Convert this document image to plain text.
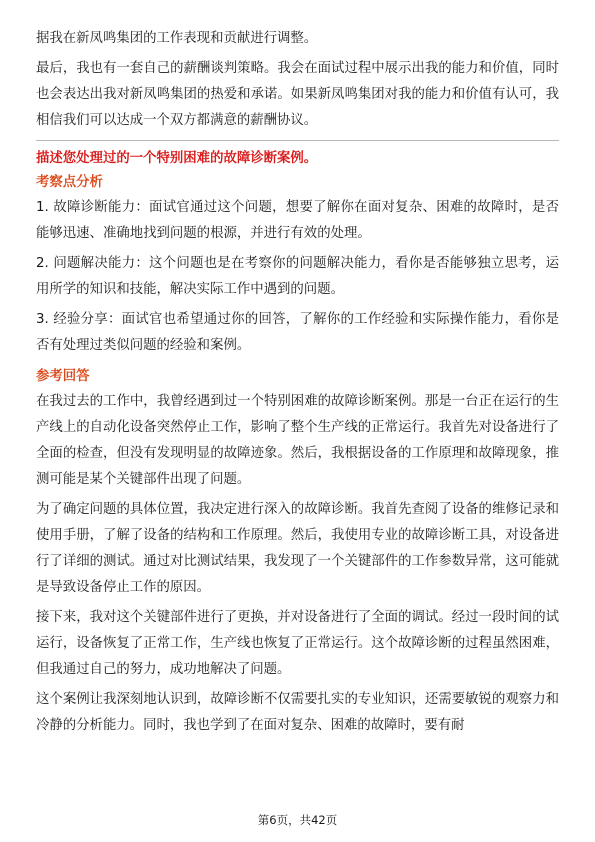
据我在新凤鸣集团的工作表现和贡献进行调整。

最后，我也有一套自己的薪酬谈判策略。我会在面试过程中展示出我的能力和价值，同时也会表达出我对新凤鸣集团的热爱和承诺。如果新凤鸣集团对我的能力和价值有认可，我相信我们可以达成一个双方都满意的薪酬协议。

描述您处理过的一个特别困难的故障诊断案例。

考察点分析

1. 故障诊断能力：面试官通过这个问题，想要了解你在面对复杂、困难的故障时，是否能够迅速、准确地找到问题的根源，并进行有效的处理。

2. 问题解决能力：这个问题也是在考察你的问题解决能力，看你是否能够独立思考，运用所学的知识和技能，解决实际工作中遇到的问题。

3. 经验分享：面试官也希望通过你的回答，了解你的工作经验和实际操作能力，看你是否有处理过类似问题的经验和案例。

参考回答

在我过去的工作中，我曾经遇到过一个特别困难的故障诊断案例。那是一台正在运行的生产线上的自动化设备突然停止工作，影响了整个生产线的正常运行。我首先对设备进行了全面的检查，但没有发现明显的故障迹象。然后，我根据设备的工作原理和故障现象，推测可能是某个关键部件出现了问题。

为了确定问题的具体位置，我决定进行深入的故障诊断。我首先查阅了设备的维修记录和使用手册，了解了设备的结构和工作原理。然后，我使用专业的故障诊断工具，对设备进行了详细的测试。通过对比测试结果，我发现了一个关键部件的工作参数异常，这可能就是导致设备停止工作的原因。

接下来，我对这个关键部件进行了更换，并对设备进行了全面的调试。经过一段时间的试运行，设备恢复了正常工作，生产线也恢复了正常运行。这个故障诊断的过程虽然困难，但我通过自己的努力，成功地解决了问题。

这个案例让我深刻地认识到，故障诊断不仅需要扎实的专业知识，还需要敏锐的观察力和冷静的分析能力。同时，我也学到了在面对复杂、困难的故障时，要有耐

第6页，共42页
